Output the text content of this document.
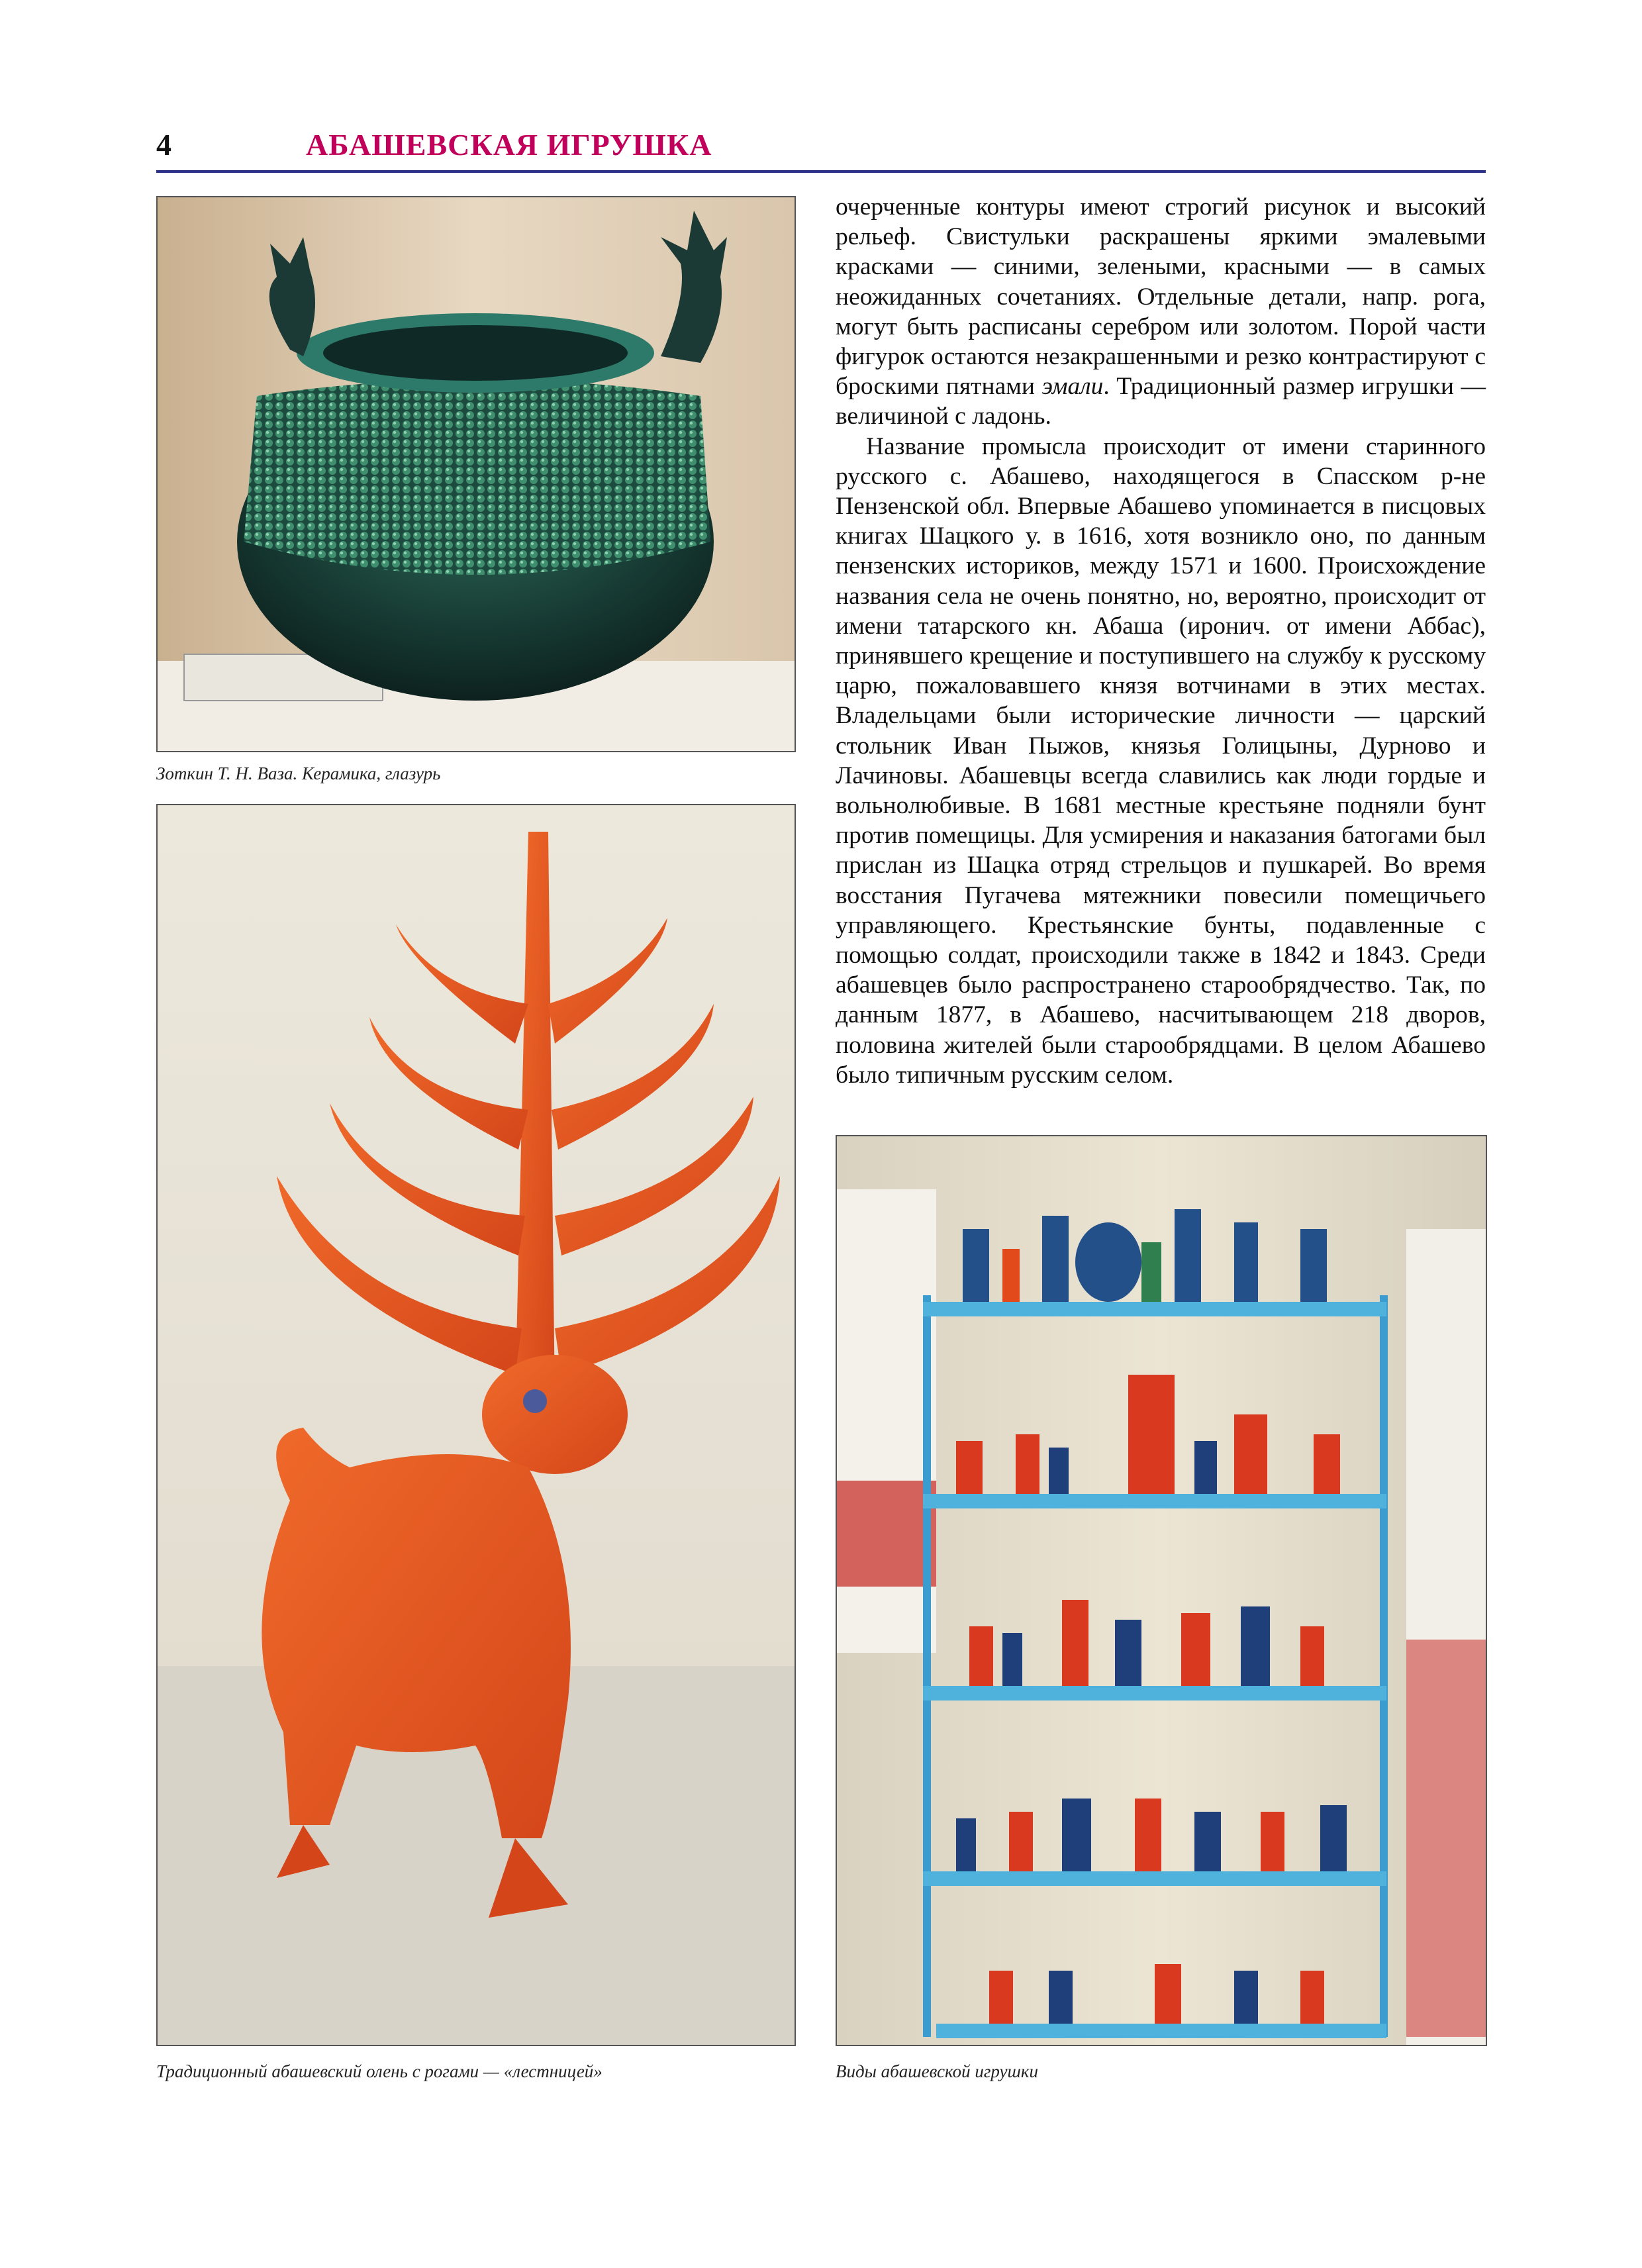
4	АБАШЕВСКАЯ ИГРУШКА
Зоткин Т. Н. Ваза. Керамика, глазурь
Традиционный абашевский олень с рогами — «лестницей»

очерченные контуры имеют строгий рисунок и высокий рельеф. Свистульки раскрашены яркими эмалевыми красками — синими, зелеными, красными — в самых неожиданных сочетаниях. Отдельные детали, напр. рога, могут быть расписаны серебром или золотом. Порой части фигурок остаются незакрашенными и резко контрастируют с броскими пятнами эмали. Традиционный размер игрушки — величиной с ладонь.

Название промысла происходит от имени старинного русского с. Абашево, находящегося в Спасском р-не Пензенской обл. Впервые Абашево упоминается в писцовых книгах Шацкого у. в 1616, хотя возникло оно, по данным пензенских историков, между 1571 и 1600. Происхождение названия села не очень понятно, но, вероятно, происходит от имени татарского кн. Абаша (иронич. от имени Аббас), принявшего крещение и поступившего на службу к русскому царю, пожаловавшего князя вотчинами в этих местах. Владельцами были исторические личности — царский стольник Иван Пыжов, князья Голицыны, Дурново и Лачиновы. Абашевцы всегда славились как люди гордые и вольнолюбивые. В 1681 местные крестьяне подняли бунт против помещицы. Для усмирения и наказания батогами был прислан из Шацка отряд стрельцов и пушкарей. Во время восстания Пугачева мятежники повесили помещичьего управляющего. Крестьянские бунты, подавленные с помощью солдат, происходили также в 1842 и 1843. Среди абашевцев было распространено старообрядчество. Так, по данным 1877, в Абашево, насчитывающем 218 дворов, половина жителей были старообрядцами. В целом Абашево было типичным русским селом.

Виды абашевской игрушки
